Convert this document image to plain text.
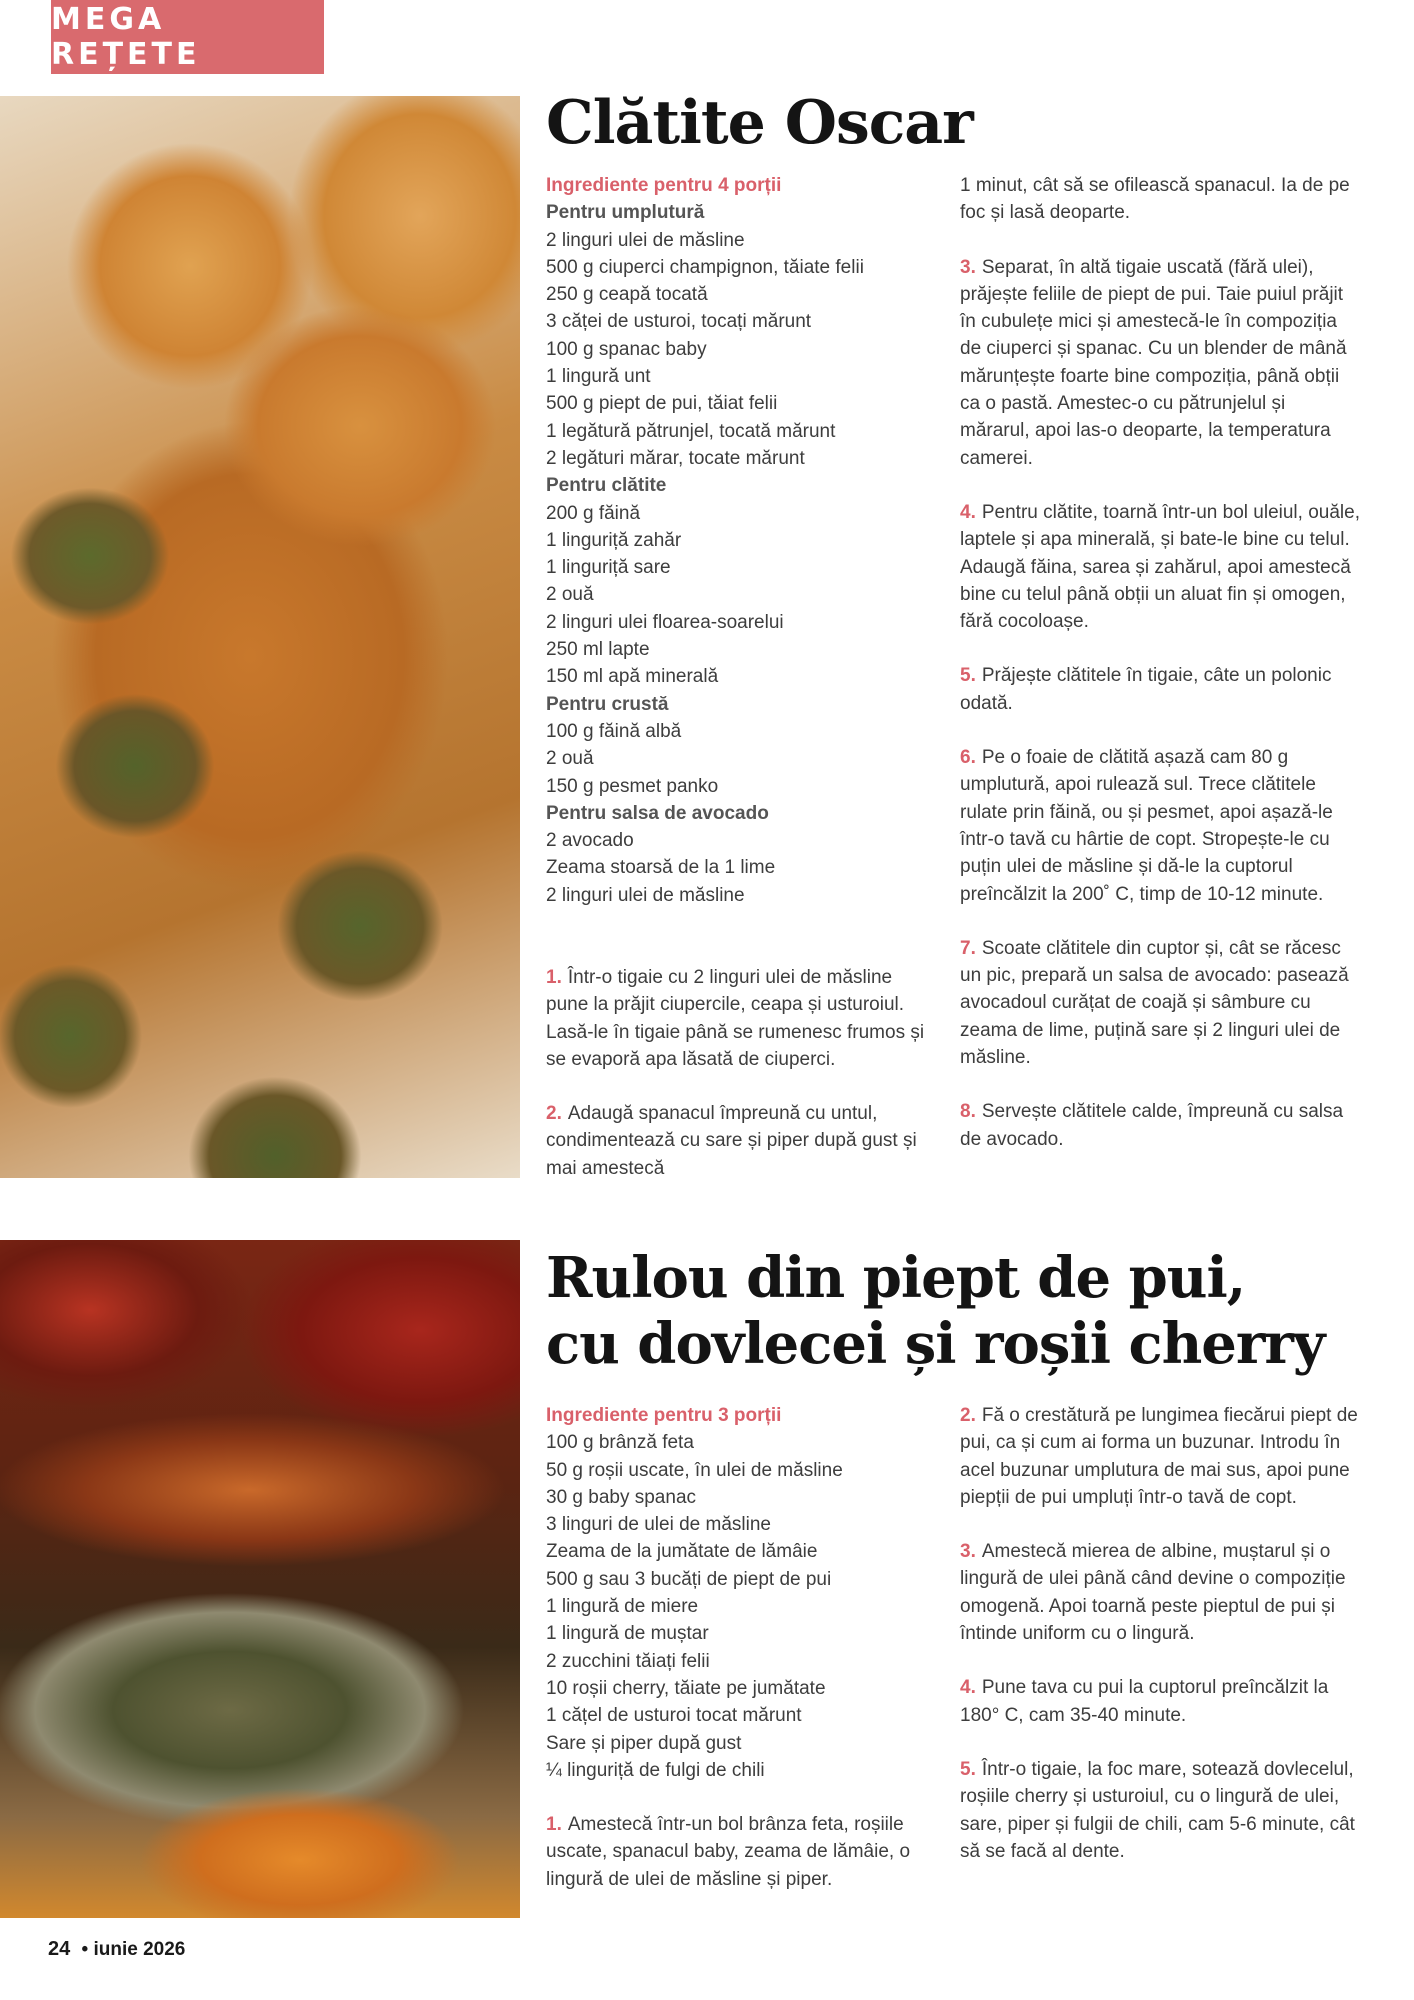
MEGA REȚETE
Clătite Oscar
Ingrediente pentru 4 porții
Pentru umplutură
2 linguri ulei de măsline
500 g ciuperci champignon, tăiate felii
250 g ceapă tocată
3 căței de usturoi, tocați mărunt
100 g spanac baby
1 lingură unt
500 g piept de pui, tăiat felii
1 legătură pătrunjel, tocată mărunt
2 legături mărar, tocate mărunt
Pentru clătite
200 g făină
1 linguriță zahăr
1 linguriță sare
2 ouă
2 linguri ulei floarea-soarelui
250 ml lapte
150 ml apă minerală
Pentru crustă
100 g făină albă
2 ouă
150 g pesmet panko
Pentru salsa de avocado
2 avocado
Zeama stoarsă de la 1 lime
2 linguri ulei de măsline

1. Într-o tigaie cu 2 linguri ulei de măsline pune la prăjit ciupercile, ceapa și usturoiul. Lasă-le în tigaie până se rumenesc frumos și se evaporă apa lăsată de ciuperci.

2. Adaugă spanacul împreună cu untul, condimentează cu sare și piper după gust și mai amestecă

1 minut, cât să se ofilească spanacul. Ia de pe foc și lasă deoparte.

3. Separat, în altă tigaie uscată (fără ulei), prăjește feliile de piept de pui. Taie puiul prăjit în cubulețe mici și amestecă-le în compoziția de ciuperci și spanac. Cu un blender de mână mărunțește foarte bine compoziția, până obții ca o pastă. Amestec-o cu pătrunjelul și mărarul, apoi las-o deoparte, la temperatura camerei.

4. Pentru clătite, toarnă într-un bol uleiul, ouăle, laptele și apa minerală, și bate-le bine cu telul. Adaugă făina, sarea și zahărul, apoi amestecă bine cu telul până obții un aluat fin și omogen, fără cocoloașe.

5. Prăjește clătitele în tigaie, câte un polonic odată.

6. Pe o foaie de clătită așază cam 80 g umplutură, apoi rulează sul. Trece clătitele rulate prin făină, ou și pesmet, apoi așază-le într-o tavă cu hârtie de copt. Stropește-le cu puțin ulei de măsline și dă-le la cuptorul preîncălzit la 200˚ C, timp de 10-12 minute.

7. Scoate clătitele din cuptor și, cât se răcesc un pic, prepară un salsa de avocado: pasează avocadoul curățat de coajă și sâmbure cu zeama de lime, puțină sare și 2 linguri ulei de măsline.

8. Servește clătitele calde, împreună cu salsa de avocado.

Rulou din piept de pui,
cu dovlecei și roșii cherry
Ingrediente pentru 3 porții
100 g brânză feta
50 g roșii uscate, în ulei de măsline
30 g baby spanac
3 linguri de ulei de măsline
Zeama de la jumătate de lămâie
500 g sau 3 bucăți de piept de pui
1 lingură de miere
1 lingură de muștar
2 zucchini tăiați felii
10 roșii cherry, tăiate pe jumătate
1 cățel de usturoi tocat mărunt
Sare și piper după gust
¼ linguriță de fulgi de chili

1. Amestecă într-un bol brânza feta, roșiile uscate, spanacul baby, zeama de lămâie, o lingură de ulei de măsline și piper.

2. Fă o crestătură pe lungimea fiecărui piept de pui, ca și cum ai forma un buzunar. Introdu în acel buzunar umplutura de mai sus, apoi pune piepții de pui umpluți într-o tavă de copt.

3. Amestecă mierea de albine, muștarul și o lingură de ulei până când devine o compoziție omogenă. Apoi toarnă peste pieptul de pui și întinde uniform cu o lingură.

4. Pune tava cu pui la cuptorul preîncălzit la 180° C, cam 35-40 minute.

5. Într-o tigaie, la foc mare, sotează dovlecelul, roșiile cherry și usturoiul, cu o lingură de ulei, sare, piper și fulgii de chili, cam 5-6 minute, cât să se facă al dente.

24 • iunie 2026
